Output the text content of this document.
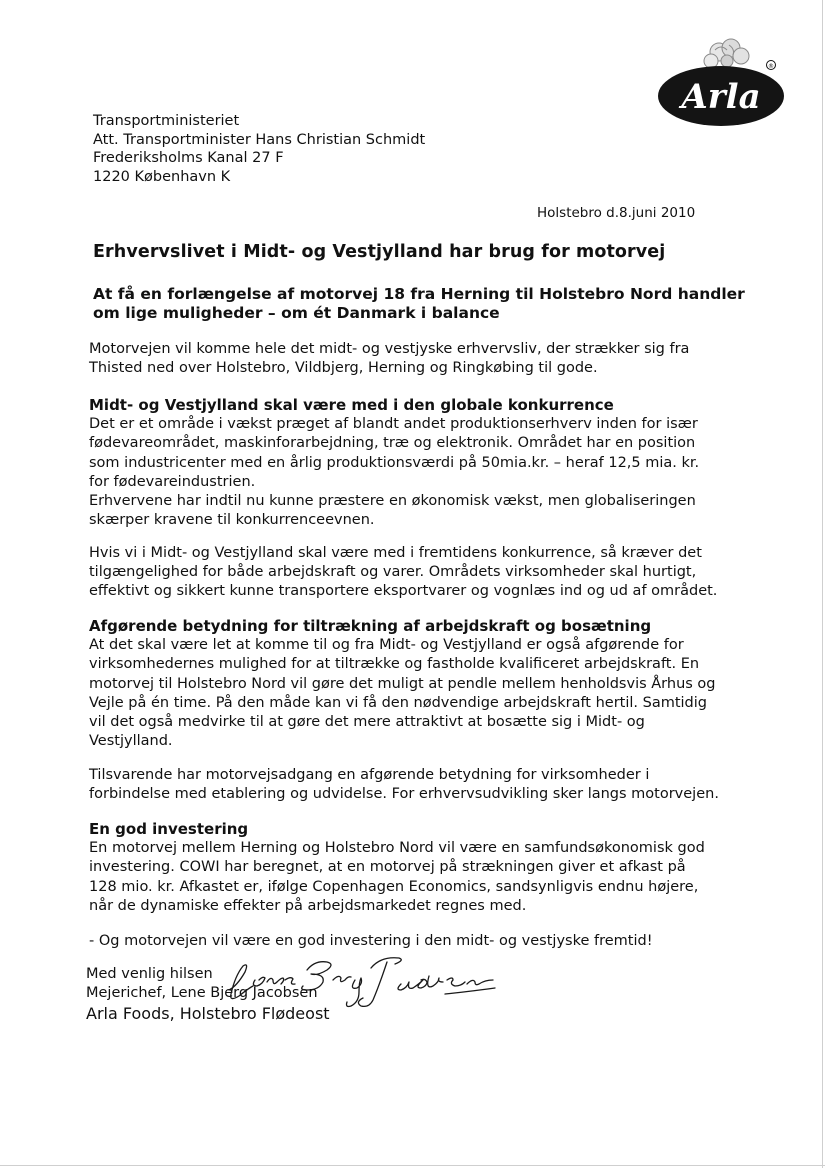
Arla
®
Transportministeriet
Att. Transportminister Hans Christian Schmidt
Frederiksholms Kanal 27 F
1220 København K
Holstebro d.8.juni 2010
Erhvervslivet i Midt- og Vestjylland har brug for motorvej
At få en forlængelse af motorvej 18 fra Herning til Holstebro Nord handler
om lige muligheder – om ét Danmark i balance
Motorvejen vil komme hele det midt- og vestjyske erhvervsliv, der strækker sig fra
Thisted ned over Holstebro, Vildbjerg, Herning og Ringkøbing til gode.
Midt- og Vestjylland skal være med i den globale konkurrence
Det er et område i vækst præget af blandt andet produktionserhverv inden for især
fødevareområdet, maskinforarbejdning, træ og elektronik. Området har en position
som industricenter med en årlig produktionsværdi på 50mia.kr. – heraf 12,5 mia. kr.
for fødevareindustrien.
Erhvervene har indtil nu kunne præstere en økonomisk vækst, men globaliseringen
skærper kravene til konkurrenceevnen.
Hvis vi i Midt- og Vestjylland skal være med i fremtidens konkurrence, så kræver det
tilgængelighed for både arbejdskraft og varer. Områdets virksomheder skal hurtigt,
effektivt og sikkert kunne transportere eksportvarer og vognlæs ind og ud af området.
Afgørende betydning for tiltrækning af arbejdskraft og bosætning
At det skal være let at komme til og fra Midt- og Vestjylland er også afgørende for
virksomhedernes mulighed for at tiltrække og fastholde kvalificeret arbejdskraft. En
motorvej til Holstebro Nord vil gøre det muligt at pendle mellem henholdsvis Århus og
Vejle på én time. På den måde kan vi få den nødvendige arbejdskraft hertil. Samtidig
vil det også medvirke til at gøre det mere attraktivt at bosætte sig i Midt- og
Vestjylland.
Tilsvarende har motorvejsadgang en afgørende betydning for virksomheder i
forbindelse med etablering og udvidelse. For erhvervsudvikling sker langs motorvejen.
En god investering
En motorvej mellem Herning og Holstebro Nord vil være en samfundsøkonomisk god
investering. COWI har beregnet, at en motorvej på strækningen giver et afkast på
128 mio. kr. Afkastet er, ifølge Copenhagen Economics, sandsynligvis endnu højere,
når de dynamiske effekter på arbejdsmarkedet regnes med.
- Og motorvejen vil være en god investering i den midt- og vestjyske fremtid!
Med venlig hilsen
Mejerichef, Lene Bjerg Jacobsen
Arla Foods, Holstebro Flødeost
